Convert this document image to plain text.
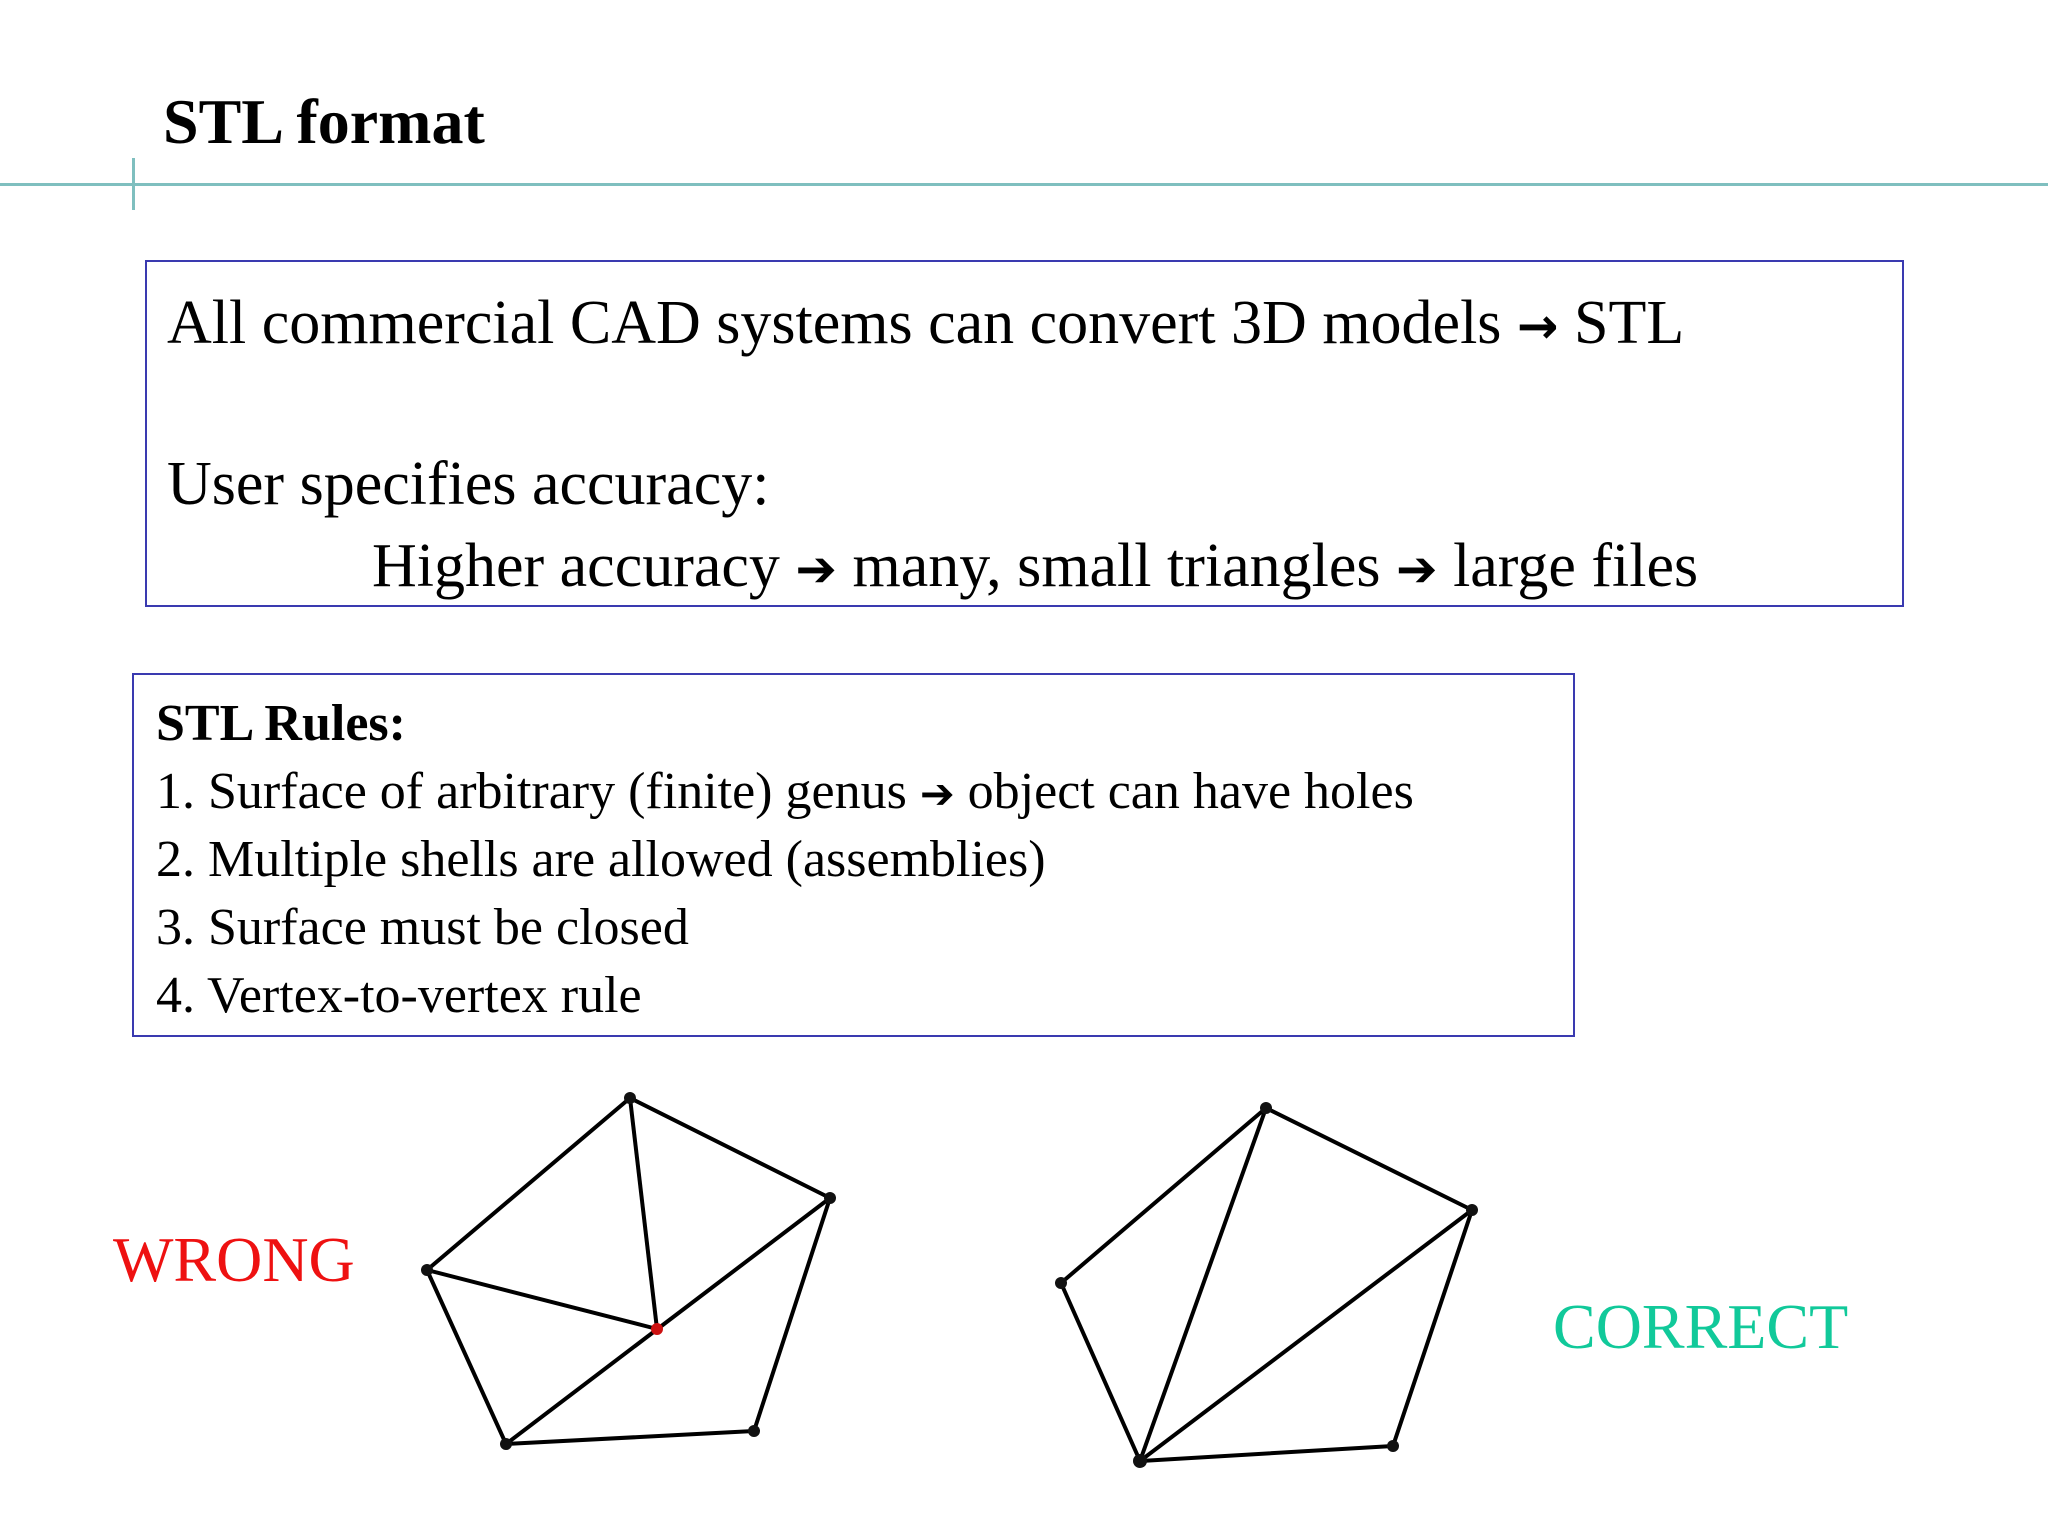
STL format
All commercial CAD systems can convert 3D models → STL
User specifies accuracy:
Higher accuracy ➔ many, small triangles ➔ large files
STL Rules:
1. Surface of arbitrary (finite) genus ➔ object can have holes
2. Multiple shells are allowed (assemblies)
3. Surface must be closed
4. Vertex-to-vertex rule
WRONG
CORRECT
